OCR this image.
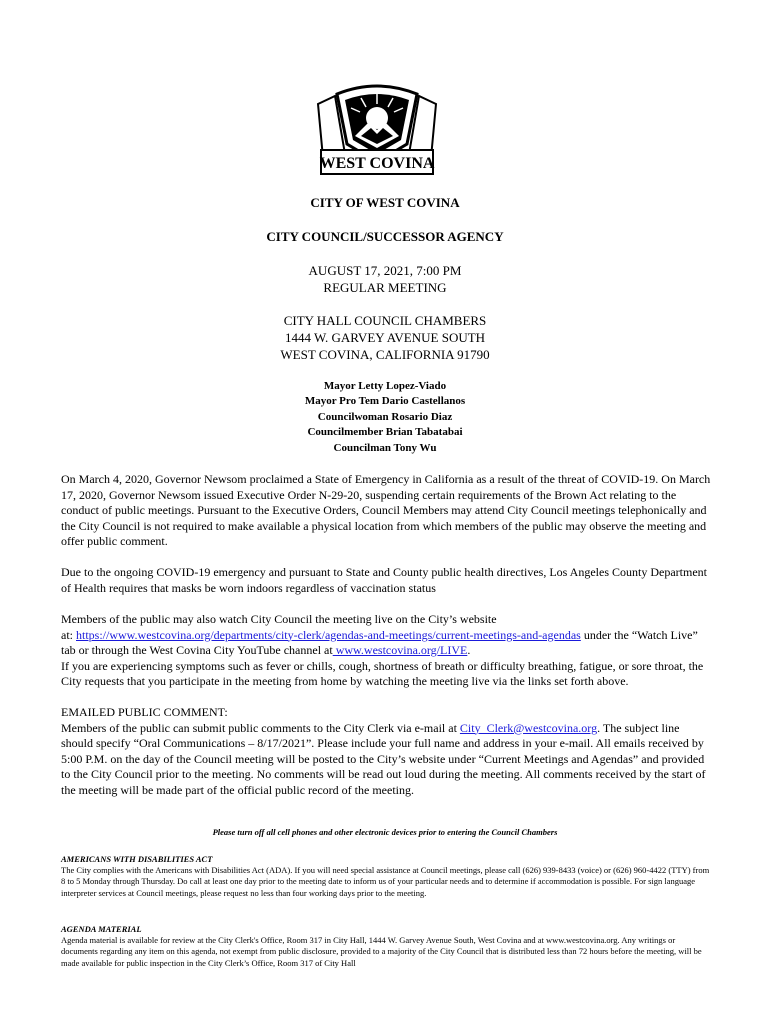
WEST COVINA
CITY OF WEST COVINA
CITY COUNCIL/SUCCESSOR AGENCY
AUGUST 17, 2021, 7:00 PM
REGULAR MEETING
CITY HALL COUNCIL CHAMBERS
1444 W. GARVEY AVENUE SOUTH
WEST COVINA, CALIFORNIA 91790
Mayor Letty Lopez-Viado
Mayor Pro Tem Dario Castellanos
Councilwoman Rosario Diaz
Councilmember Brian Tabatabai
Councilman Tony Wu

On March 4, 2020, Governor Newsom proclaimed a State of Emergency in California as a result of the threat of COVID-19. On March 17, 2020, Governor Newsom issued Executive Order N-29-20, suspending certain requirements of the Brown Act relating to the conduct of public meetings. Pursuant to the Executive Orders, Council Members may attend City Council meetings telephonically and the City Council is not required to make available a physical location from which members of the public may observe the meeting and offer public comment.

Due to the ongoing COVID-19 emergency and pursuant to State and County public health directives, Los Angeles County Department of Health requires that masks be worn indoors regardless of vaccination status

Members of the public may also watch City Council the meeting live on the City’s website

at: https://www.westcovina.org/departments/city-clerk/agendas-and-meetings/current-meetings-and-agendas under the “Watch Live” tab or through the West Covina City YouTube channel at www.westcovina.org/LIVE.

If you are experiencing symptoms such as fever or chills, cough, shortness of breath or difficulty breathing, fatigue, or sore throat, the City requests that you participate in the meeting from home by watching the meeting live via the links set forth above.

EMAILED PUBLIC COMMENT:

Members of the public can submit public comments to the City Clerk via e-mail at City_Clerk@westcovina.org. The subject line should specify “Oral Communications – 8/17/2021”. Please include your full name and address in your e-mail. All emails received by 5:00 P.M. on the day of the Council meeting will be posted to the City’s website under “Current Meetings and Agendas” and provided to the City Council prior to the meeting. No comments will be read out loud during the meeting. All comments received by the start of the meeting will be made part of the official public record of the meeting.

Please turn off all cell phones and other electronic devices prior to entering the Council Chambers
AMERICANS WITH DISABILITIES ACT
The City complies with the Americans with Disabilities Act (ADA). If you will need special assistance at Council meetings, please call (626) 939-8433 (voice) or (626) 960-4422 (TTY) from 8 to 5 Monday through Thursday. Do call at least one day prior to the meeting date to inform us of your particular needs and to determine if accommodation is possible. For sign language interpreter services at Council meetings, please request no less than four working days prior to the meeting.
AGENDA MATERIAL
Agenda material is available for review at the City Clerk's Office, Room 317 in City Hall, 1444 W. Garvey Avenue South, West Covina and at www.westcovina.org. Any writings or documents regarding any item on this agenda, not exempt from public disclosure, provided to a majority of the City Council that is distributed less than 72 hours before the meeting, will be made available for public inspection in the City Clerk’s Office, Room 317 of City Hall
